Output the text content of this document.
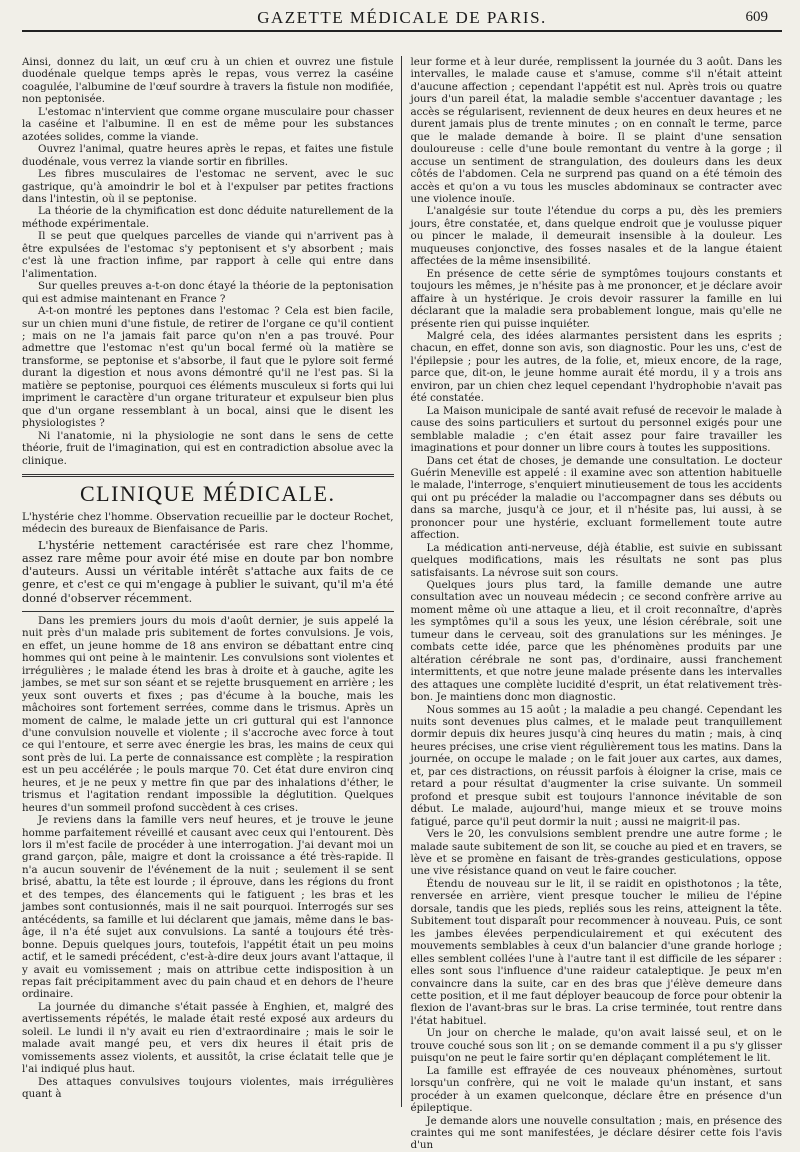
GAZETTE MÉDICALE DE PARIS.	609

Ainsi, donnez du lait, un œuf cru à un chien et ouvrez une fistule duodénale quelque temps après le repas, vous verrez la caséine coagulée, l'albumine de l'œuf sourdre à travers la fistule non modifiée, non peptonisée.

L'estomac n'intervient que comme organe musculaire pour chasser la caséine et l'albumine. Il en est de même pour les substances azotées solides, comme la viande.

Ouvrez l'animal, quatre heures après le repas, et faites une fistule duodénale, vous verrez la viande sortir en fibrilles.

Les fibres musculaires de l'estomac ne servent, avec le suc gastrique, qu'à amoindrir le bol et à l'expulser par petites fractions dans l'intestin, où il se peptonise.

La théorie de la chymification est donc déduite naturellement de la méthode expérimentale.

Il se peut que quelques parcelles de viande qui n'arrivent pas à être expulsées de l'estomac s'y peptonisent et s'y absorbent ; mais c'est là une fraction infime, par rapport à celle qui entre dans l'alimentation.

Sur quelles preuves a-t-on donc étayé la théorie de la peptonisation qui est admise maintenant en France ?

A-t-on montré les peptones dans l'estomac ? Cela est bien facile, sur un chien muni d'une fistule, de retirer de l'organe ce qu'il contient ; mais on ne l'a jamais fait parce qu'on n'en a pas trouvé. Pour admettre que l'estomac n'est qu'un bocal fermé où la matière se transforme, se peptonise et s'absorbe, il faut que le pylore soit fermé durant la digestion et nous avons démontré qu'il ne l'est pas. Si la matière se peptonise, pourquoi ces éléments musculeux si forts qui lui impriment le caractère d'un organe triturateur et expulseur bien plus que d'un organe ressemblant à un bocal, ainsi que le disent les physiologistes ?

Ni l'anatomie, ni la physiologie ne sont dans le sens de cette théorie, fruit de l'imagination, qui est en contradiction absolue avec la clinique.

CLINIQUE MÉDICALE.

L'hystérie chez l'homme. Observation recueillie par le docteur Rochet, médecin des bureaux de Bienfaisance de Paris.

L'hystérie nettement caractérisée est rare chez l'homme, assez rare même pour avoir été mise en doute par bon nombre d'auteurs. Aussi un véritable intérêt s'attache aux faits de ce genre, et c'est ce qui m'engage à publier le suivant, qu'il m'a été donné d'observer récemment.

Dans les premiers jours du mois d'août dernier, je suis appelé la nuit près d'un malade pris subitement de fortes convulsions. Je vois, en effet, un jeune homme de 18 ans environ se débattant entre cinq hommes qui ont peine à le maintenir. Les convulsions sont violentes et irrégulières ; le malade étend les bras à droite et à gauche, agite les jambes, se met sur son séant et se rejette brusquement en arrière ; les yeux sont ouverts et fixes ; pas d'écume à la bouche, mais les mâchoires sont fortement serrées, comme dans le trismus. Après un moment de calme, le malade jette un cri guttural qui est l'annonce d'une convulsion nouvelle et violente ; il s'accroche avec force à tout ce qui l'entoure, et serre avec énergie les bras, les mains de ceux qui sont près de lui. La perte de connaissance est complète ; la respiration est un peu accélérée ; le pouls marque 70. Cet état dure environ cinq heures, et je ne peux y mettre fin que par des inhalations d'éther, le trismus et l'agitation rendant impossible la déglutition. Quelques heures d'un sommeil profond succèdent à ces crises.

Je reviens dans la famille vers neuf heures, et je trouve le jeune homme parfaitement réveillé et causant avec ceux qui l'entourent. Dès lors il m'est facile de procéder à une interrogation. J'ai devant moi un grand garçon, pâle, maigre et dont la croissance a été très-rapide. Il n'a aucun souvenir de l'événement de la nuit ; seulement il se sent brisé, abattu, la tête est lourde ; il éprouve, dans les régions du front et des tempes, des élancements qui le fatiguent ; les bras et les jambes sont contusionnés, mais il ne sait pourquoi. Interrogés sur ses antécédents, sa famille et lui déclarent que jamais, même dans le bas-âge, il n'a été sujet aux convulsions. La santé a toujours été très-bonne. Depuis quelques jours, toutefois, l'appétit était un peu moins actif, et le samedi précédent, c'est-à-dire deux jours avant l'attaque, il y avait eu vomissement ; mais on attribue cette indisposition à un repas fait précipitamment avec du pain chaud et en dehors de l'heure ordinaire.

La journée du dimanche s'était passée à Enghien, et, malgré des avertissements répétés, le malade était resté exposé aux ardeurs du soleil. Le lundi il n'y avait eu rien d'extraordinaire ; mais le soir le malade avait mangé peu, et vers dix heures il était pris de vomissements assez violents, et aussitôt, la crise éclatait telle que je l'ai indiqué plus haut.

Des attaques convulsives toujours violentes, mais irrégulières quant à

leur forme et à leur durée, remplissent la journée du 3 août. Dans les intervalles, le malade cause et s'amuse, comme s'il n'était atteint d'aucune affection ; cependant l'appétit est nul. Après trois ou quatre jours d'un pareil état, la maladie semble s'accentuer davantage ; les accès se régularisent, reviennent de deux heures en deux heures et ne durent jamais plus de trente minutes ; on en connaît le terme, parce que le malade demande à boire. Il se plaint d'une sensation douloureuse : celle d'une boule remontant du ventre à la gorge ; il accuse un sentiment de strangulation, des douleurs dans les deux côtés de l'abdomen. Cela ne surprend pas quand on a été témoin des accès et qu'on a vu tous les muscles abdominaux se contracter avec une violence inouïe.

L'analgésie sur toute l'étendue du corps a pu, dès les premiers jours, être constatée, et, dans quelque endroit que je voulusse piquer ou pincer le malade, il demeurait insensible à la douleur. Les muqueuses conjonctive, des fosses nasales et de la langue étaient affectées de la même insensibilité.

En présence de cette série de symptômes toujours constants et toujours les mêmes, je n'hésite pas à me prononcer, et je déclare avoir affaire à un hystérique. Je crois devoir rassurer la famille en lui déclarant que la maladie sera probablement longue, mais qu'elle ne présente rien qui puisse inquiéter.

Malgré cela, des idées alarmantes persistent dans les esprits ; chacun, en effet, donne son avis, son diagnostic. Pour les uns, c'est de l'épilepsie ; pour les autres, de la folie, et, mieux encore, de la rage, parce que, dit-on, le jeune homme aurait été mordu, il y a trois ans environ, par un chien chez lequel cependant l'hydrophobie n'avait pas été constatée.

La Maison municipale de santé avait refusé de recevoir le malade à cause des soins particuliers et surtout du personnel exigés pour une semblable maladie ; c'en était assez pour faire travailler les imaginations et pour donner un libre cours à toutes les suppositions.

Dans cet état de choses, je demande une consultation. Le docteur Guérin Meneville est appelé : il examine avec son attention habituelle le malade, l'interroge, s'enquiert minutieusement de tous les accidents qui ont pu précéder la maladie ou l'accompagner dans ses débuts ou dans sa marche, jusqu'à ce jour, et il n'hésite pas, lui aussi, à se prononcer pour une hystérie, excluant formellement toute autre affection.

La médication anti-nerveuse, déjà établie, est suivie en subissant quelques modifications, mais les résultats ne sont pas plus satisfaisants. La névrose suit son cours.

Quelques jours plus tard, la famille demande une autre consultation avec un nouveau médecin ; ce second confrère arrive au moment même où une attaque a lieu, et il croit reconnaître, d'après les symptômes qu'il a sous les yeux, une lésion cérébrale, soit une tumeur dans le cerveau, soit des granulations sur les méninges. Je combats cette idée, parce que les phénomènes produits par une altération cérébrale ne sont pas, d'ordinaire, aussi franchement intermittents, et que notre jeune malade présente dans les intervalles des attaques une complète lucidité d'esprit, un état relativement très-bon. Je maintiens donc mon diagnostic.

Nous sommes au 15 août ; la maladie a peu changé. Cependant les nuits sont devenues plus calmes, et le malade peut tranquillement dormir depuis dix heures jusqu'à cinq heures du matin ; mais, à cinq heures précises, une crise vient régulièrement tous les matins. Dans la journée, on occupe le malade ; on le fait jouer aux cartes, aux dames, et, par ces distractions, on réussit parfois à éloigner la crise, mais ce retard a pour résultat d'augmenter la crise suivante. Un sommeil profond et presque subit est toujours l'annonce inévitable de son début. Le malade, aujourd'hui, mange mieux et se trouve moins fatigué, parce qu'il peut dormir la nuit ; aussi ne maigrit-il pas.

Vers le 20, les convulsions semblent prendre une autre forme ; le malade saute subitement de son lit, se couche au pied et en travers, se lève et se promène en faisant de très-grandes gesticulations, oppose une vive résistance quand on veut le faire coucher.

Étendu de nouveau sur le lit, il se raidit en opisthotonos ; la tête, renversée en arrière, vient presque toucher le milieu de l'épine dorsale, tandis que les pieds, repliés sous les reins, atteignent la tête. Subitement tout disparaît pour recommencer à nouveau. Puis, ce sont les jambes élevées perpendiculairement et qui exécutent des mouvements semblables à ceux d'un balancier d'une grande horloge ; elles semblent collées l'une à l'autre tant il est difficile de les séparer : elles sont sous l'influence d'une raideur cataleptique. Je peux m'en convaincre dans la suite, car en des bras que j'élève demeure dans cette position, et il me faut déployer beaucoup de force pour obtenir la flexion de l'avant-bras sur le bras. La crise terminée, tout rentre dans l'état habituel.

Un jour on cherche le malade, qu'on avait laissé seul, et on le trouve couché sous son lit ; on se demande comment il a pu s'y glisser puisqu'on ne peut le faire sortir qu'en déplaçant complétement le lit.

La famille est effrayée de ces nouveaux phénomènes, surtout lorsqu'un confrère, qui ne voit le malade qu'un instant, et sans procéder à un examen quelconque, déclare être en présence d'un épileptique.

Je demande alors une nouvelle consultation ; mais, en présence des craintes qui me sont manifestées, je déclare désirer cette fois l'avis d'un
